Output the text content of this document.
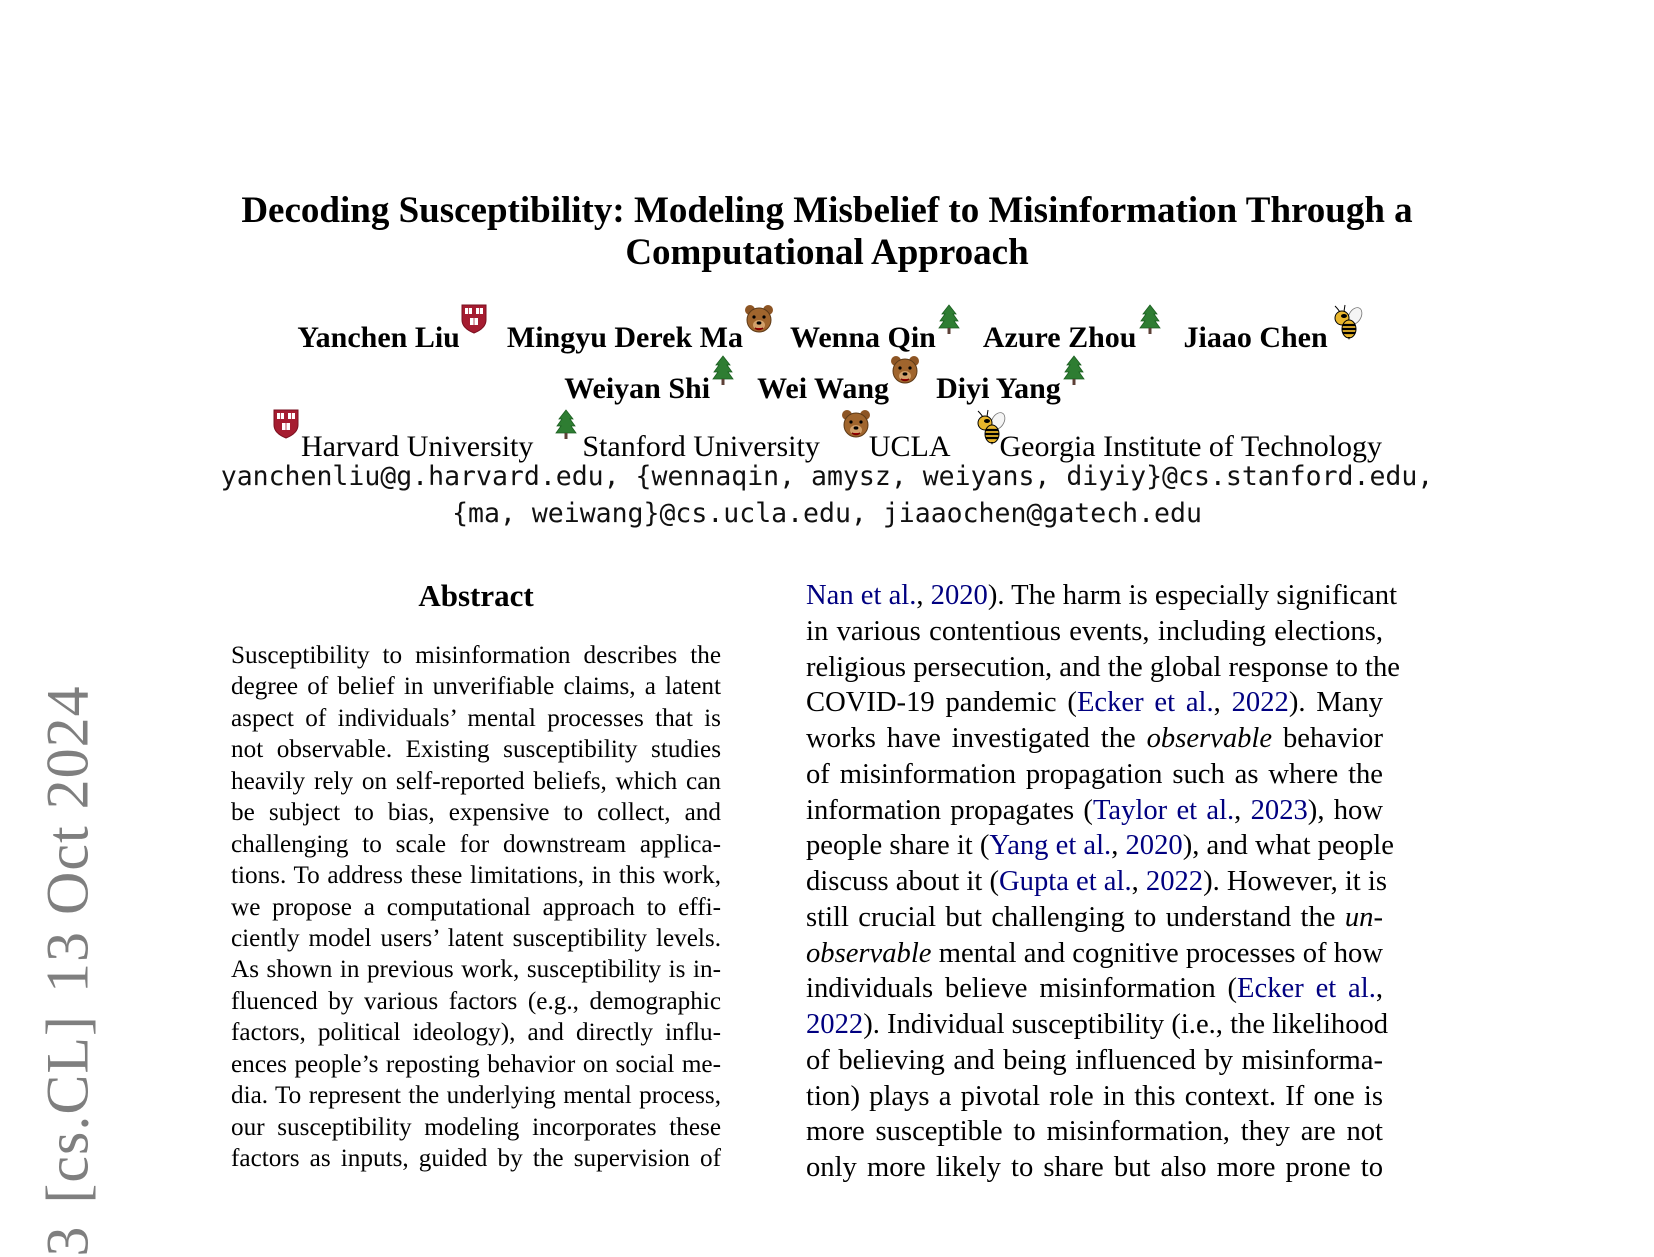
3[cs.CL]13 Oct 2024
Decoding Susceptibility: Modeling Misbelief to Misinformation Through a
Computational Approach
Yanchen Liu Mingyu Derek Ma Wenna Qin Azure Zhou Jiaao Chen
Weiyan Shi Wei Wang Diyi Yang
Harvard University Stanford University UCLA Georgia Institute of Technology
yanchenliu@g.harvard.edu, {wennaqin, amysz, weiyans, diyiy}@cs.stanford.edu,
{ma, weiwang}@cs.ucla.edu, jiaaochen@gatech.edu
Abstract
Susceptibility to misinformation describes the
degree of belief in unverifiable claims, a latent
aspect of individuals’ mental processes that is
not observable. Existing susceptibility studies
heavily rely on self-reported beliefs, which can
be subject to bias, expensive to collect, and
challenging to scale for downstream applica-
tions. To address these limitations, in this work,
we propose a computational approach to effi-
ciently model users’ latent susceptibility levels.
As shown in previous work, susceptibility is in-
fluenced by various factors (e.g., demographic
factors, political ideology), and directly influ-
ences people’s reposting behavior on social me-
dia. To represent the underlying mental process,
our susceptibility modeling incorporates these
factors as inputs, guided by the supervision of
Nan et al., 2020). The harm is especially significant
in various contentious events, including elections,
religious persecution, and the global response to the
COVID-19 pandemic (Ecker et al., 2022). Many
works have investigated the observable behavior
of misinformation propagation such as where the
information propagates (Taylor et al., 2023), how
people share it (Yang et al., 2020), and what people
discuss about it (Gupta et al., 2022). However, it is
still crucial but challenging to understand the un-
observable mental and cognitive processes of how
individuals believe misinformation (Ecker et al.,
2022). Individual susceptibility (i.e., the likelihood
of believing and being influenced by misinforma-
tion) plays a pivotal role in this context. If one is
more susceptible to misinformation, they are not
only more likely to share but also more prone to
